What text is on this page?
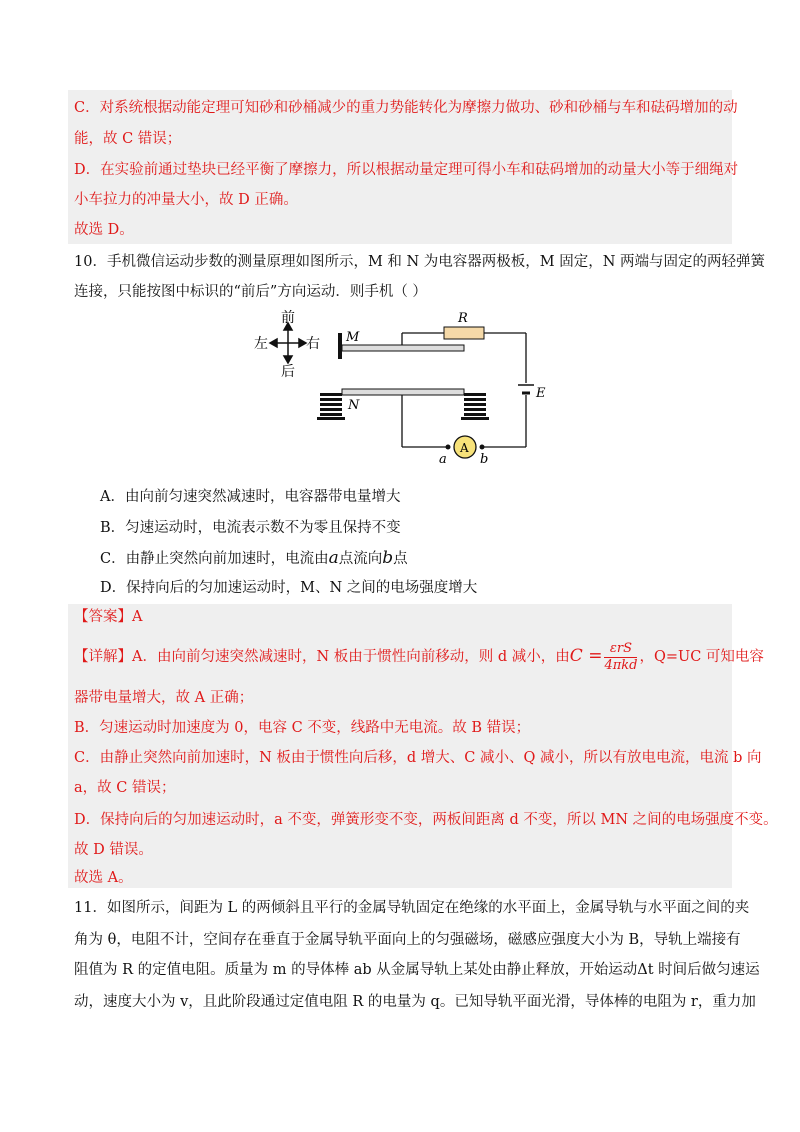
C．对系统根据动能定理可知砂和砂桶减少的重力势能转化为摩擦力做功、砂和砂桶与车和砝码增加的动
能，故 C 错误；
D．在实验前通过垫块已经平衡了摩擦力，所以根据动量定理可得小车和砝码增加的动量大小等于细绳对
小车拉力的冲量大小，故 D 正确。
故选 D。
10．手机微信运动步数的测量原理如图所示，M 和 N 为电容器两极板，M 固定，N 两端与固定的两轻弹簧
连接，只能按图中标识的“前后”方向运动．则手机（ ）
前
后
左	右 M
R
E
N
A
a	b
A．由向前匀速突然减速时，电容器带电量增大
B．匀速运动时，电流表示数不为零且保持不变
C．由静止突然向前加速时，电流由a点流向b点
D．保持向后的匀加速运动时，M、N 之间的电场强度增大
【答案】A
【详解】A．由向前匀速突然减速时，N 板由于惯性向前移动，则 d 减小，由$C = \frac{\text{εrS}}{\text{4πkd}}$ ，Q=UC 可知电容
器带电量增大，故 A 正确；
B．匀速运动时加速度为 0，电容 C 不变，线路中无电流。故 B 错误；
C．由静止突然向前加速时，N 板由于惯性向后移，d 增大、C 减小、Q 减小，所以有放电电流，电流 b 向
a，故 C 错误；
D．保持向后的匀加速运动时，a 不变，弹簧形变不变，两板间距离 d 不变，所以 MN 之间的电场强度不变。
故 D 错误。
故选 A。
11．如图所示，间距为 L 的两倾斜且平行的金属导轨固定在绝缘的水平面上，金属导轨与水平面之间的夹
角为 θ，电阻不计，空间存在垂直于金属导轨平面向上的匀强磁场，磁感应强度大小为 B，导轨上端接有
阻值为 R 的定值电阻。质量为 m 的导体棒 ab 从金属导轨上某处由静止释放，开始运动Δt 时间后做匀速运
动，速度大小为 v，且此阶段通过定值电阻 R 的电量为 q。已知导轨平面光滑，导体棒的电阻为 r，重力加
